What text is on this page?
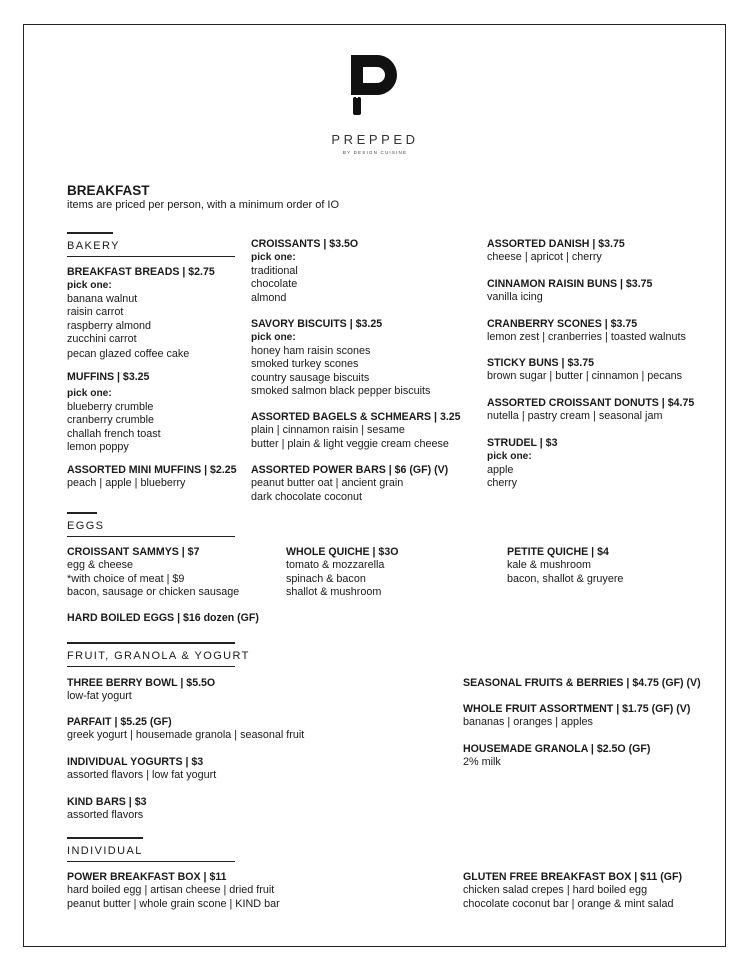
PREPPED
BY DESIGN CUISINE
BREAKFAST
items are priced per person, with a minimum order of IO
BAKERY
BREAKFAST BREADS | $2.75
pick one:
banana walnut
raisin carrot
raspberry almond
zucchini carrot
pecan glazed coffee cake
MUFFINS | $3.25
pick one:
blueberry crumble
cranberry crumble
challah french toast
lemon poppy
ASSORTED MINI MUFFINS | $2.25
peach | apple | blueberry
CROISSANTS | $3.5O
pick one:
traditional
chocolate
almond
SAVORY BISCUITS | $3.25
pick one:
honey ham raisin scones
smoked turkey scones
country sausage biscuits
smoked salmon black pepper biscuits
ASSORTED BAGELS & SCHMEARS | 3.25
plain | cinnamon raisin | sesame
butter | plain & light veggie cream cheese
ASSORTED POWER BARS | $6 (GF) (V)
peanut butter oat | ancient grain
dark chocolate coconut
ASSORTED DANISH | $3.75
cheese | apricot | cherry
CINNAMON RAISIN BUNS | $3.75
vanilla icing
CRANBERRY SCONES | $3.75
lemon zest | cranberries | toasted walnuts
STICKY BUNS | $3.75
brown sugar | butter | cinnamon | pecans
ASSORTED CROISSANT DONUTS | $4.75
nutella | pastry cream | seasonal jam
STRUDEL | $3
pick one:
apple
cherry
EGGS
CROISSANT SAMMYS | $7
egg & cheese
*with choice of meat | $9
bacon, sausage or chicken sausage
HARD BOILED EGGS | $16 dozen (GF)
WHOLE QUICHE | $3O
tomato & mozzarella
spinach & bacon
shallot & mushroom
PETITE QUICHE | $4
kale & mushroom
bacon, shallot & gruyere
FRUIT, GRANOLA & YOGURT
THREE BERRY BOWL | $5.5O
low-fat yogurt
PARFAIT | $5.25 (GF)
greek yogurt | housemade granola | seasonal fruit
INDIVIDUAL YOGURTS | $3
assorted flavors | low fat yogurt
KIND BARS | $3
assorted flavors
SEASONAL FRUITS & BERRIES | $4.75 (GF) (V)
WHOLE FRUIT ASSORTMENT | $1.75 (GF) (V)
bananas | oranges | apples
HOUSEMADE GRANOLA | $2.5O (GF)
2% milk
INDIVIDUAL
POWER BREAKFAST BOX | $11
hard boiled egg | artisan cheese | dried fruit
peanut butter | whole grain scone | KIND bar
GLUTEN FREE BREAKFAST BOX | $11 (GF)
chicken salad crepes | hard boiled egg
chocolate coconut bar | orange & mint salad
